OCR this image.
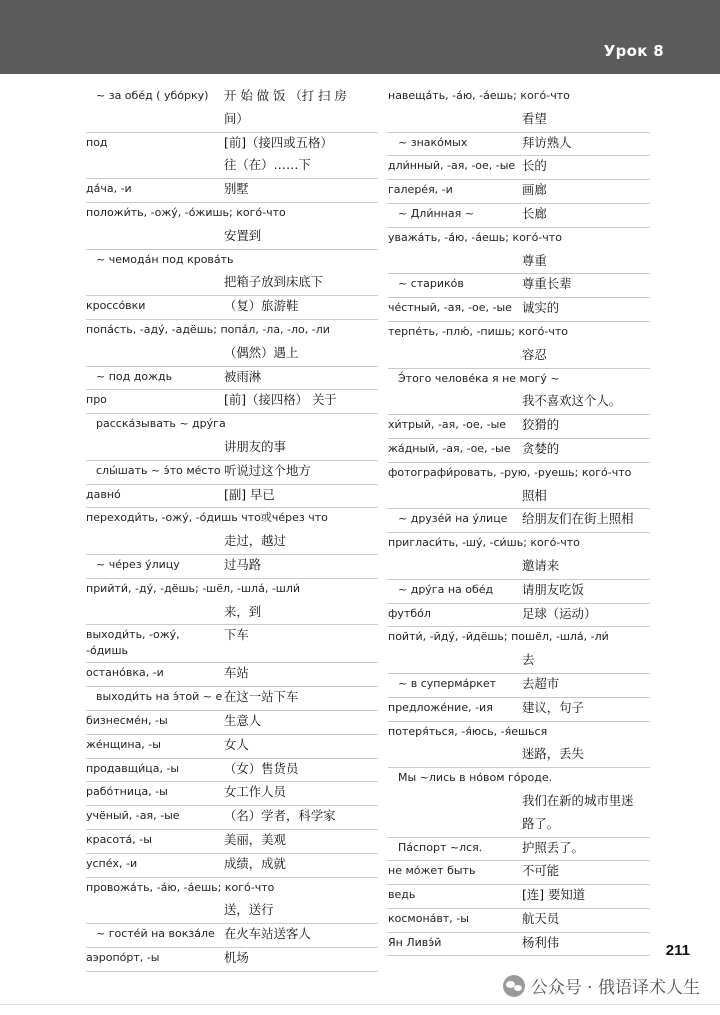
Урок 8
~ за обе́д ( убо́рку)	开 始 做 饭 （打 扫 房
间）
под	[前]（接四或五格）
往（在）……下
да́ча, -и	别墅
положи́ть, -ожу́, -о́жишь; кого́-что
安置到
~ чемода́н под крова́ть
把箱子放到床底下
кроссо́вки	（复）旅游鞋
попа́сть, -аду́, -адёшь; попа́л, -ла, -ло, -ли
（偶然）遇上
~ под дождь	被雨淋
про	[前]（接四格） 关于
расска́зывать ~ дру́га
讲朋友的事
слы́шать ~ э́то ме́сто 听说过这个地方
давно́	[副] 早已
переходи́ть, -ожу́, -о́дишь что或че́рез что
走过，越过
~ че́рез у́лицу	过马路
прийти́, -ду́, -дёшь; -шёл, -шла́, -шли́
来，到
выходи́ть, -ожу́, -о́дишь
下车
остано́вка, -и	车站
выходи́ть на э́той ~ е 在这一站下车
бизнесме́н, -ы	生意人
же́нщина, -ы	女人
продавщи́ца, -ы	（女）售货员
рабо́тница, -ы	女工作人员
учёный, -ая, -ые	（名）学者，科学家
красота́, -ы	美丽，美观
успе́х, -и	成绩，成就
провожа́ть, -а́ю, -а́ешь; кого́-что
送，送行
~ госте́й на вокза́ле 在火车站送客人
аэропо́рт, -ы	机场
навеща́ть, -а́ю, -а́ешь; кого́-что
看望
~ знако́мых	拜访熟人
дли́нный, -ая, -ое, -ые 长的
галере́я, -и	画廊
~ Дли́нная ~	长廊
уважа́ть, -а́ю, -а́ешь; кого́-что
尊重
~ старико́в	尊重长辈
че́стный, -ая, -ое, -ые 诚实的
терпе́ть, -плю́, -пишь; кого́-что
容忍
Э́того челове́ка я не могу́ ~
我不喜欢这个人。
хи́трый, -ая, -ое, -ые	狡猾的
жа́дный, -ая, -ое, -ые 贪婪的
фотографи́ровать, -рую, -руешь; кого́-что
照相
~ друзе́й на у́лице	给朋友们在街上照相
пригласи́ть, -шу́, -си́шь; кого́-что
邀请来
~ дру́га на обе́д	请朋友吃饭
футбо́л	足球（运动）
пойти́, -йду́, -йдёшь; пошёл, -шла́, -ли́
去
~ в суперма́ркет	去超市
предложе́ние, -ия	建议，句子
потеря́ться, -я́юсь, -я́ешься
迷路，丢失
Мы ~лись в но́вом го́роде.
我们在新的城市里迷
路了。
Па́спорт ~лся.	护照丢了。
не мо́жет быть	不可能
ведь	[连] 要知道
космона́вт, -ы	航天员
Ян Ливэ́й	杨利伟	211
公众号 · 俄语译术人生
